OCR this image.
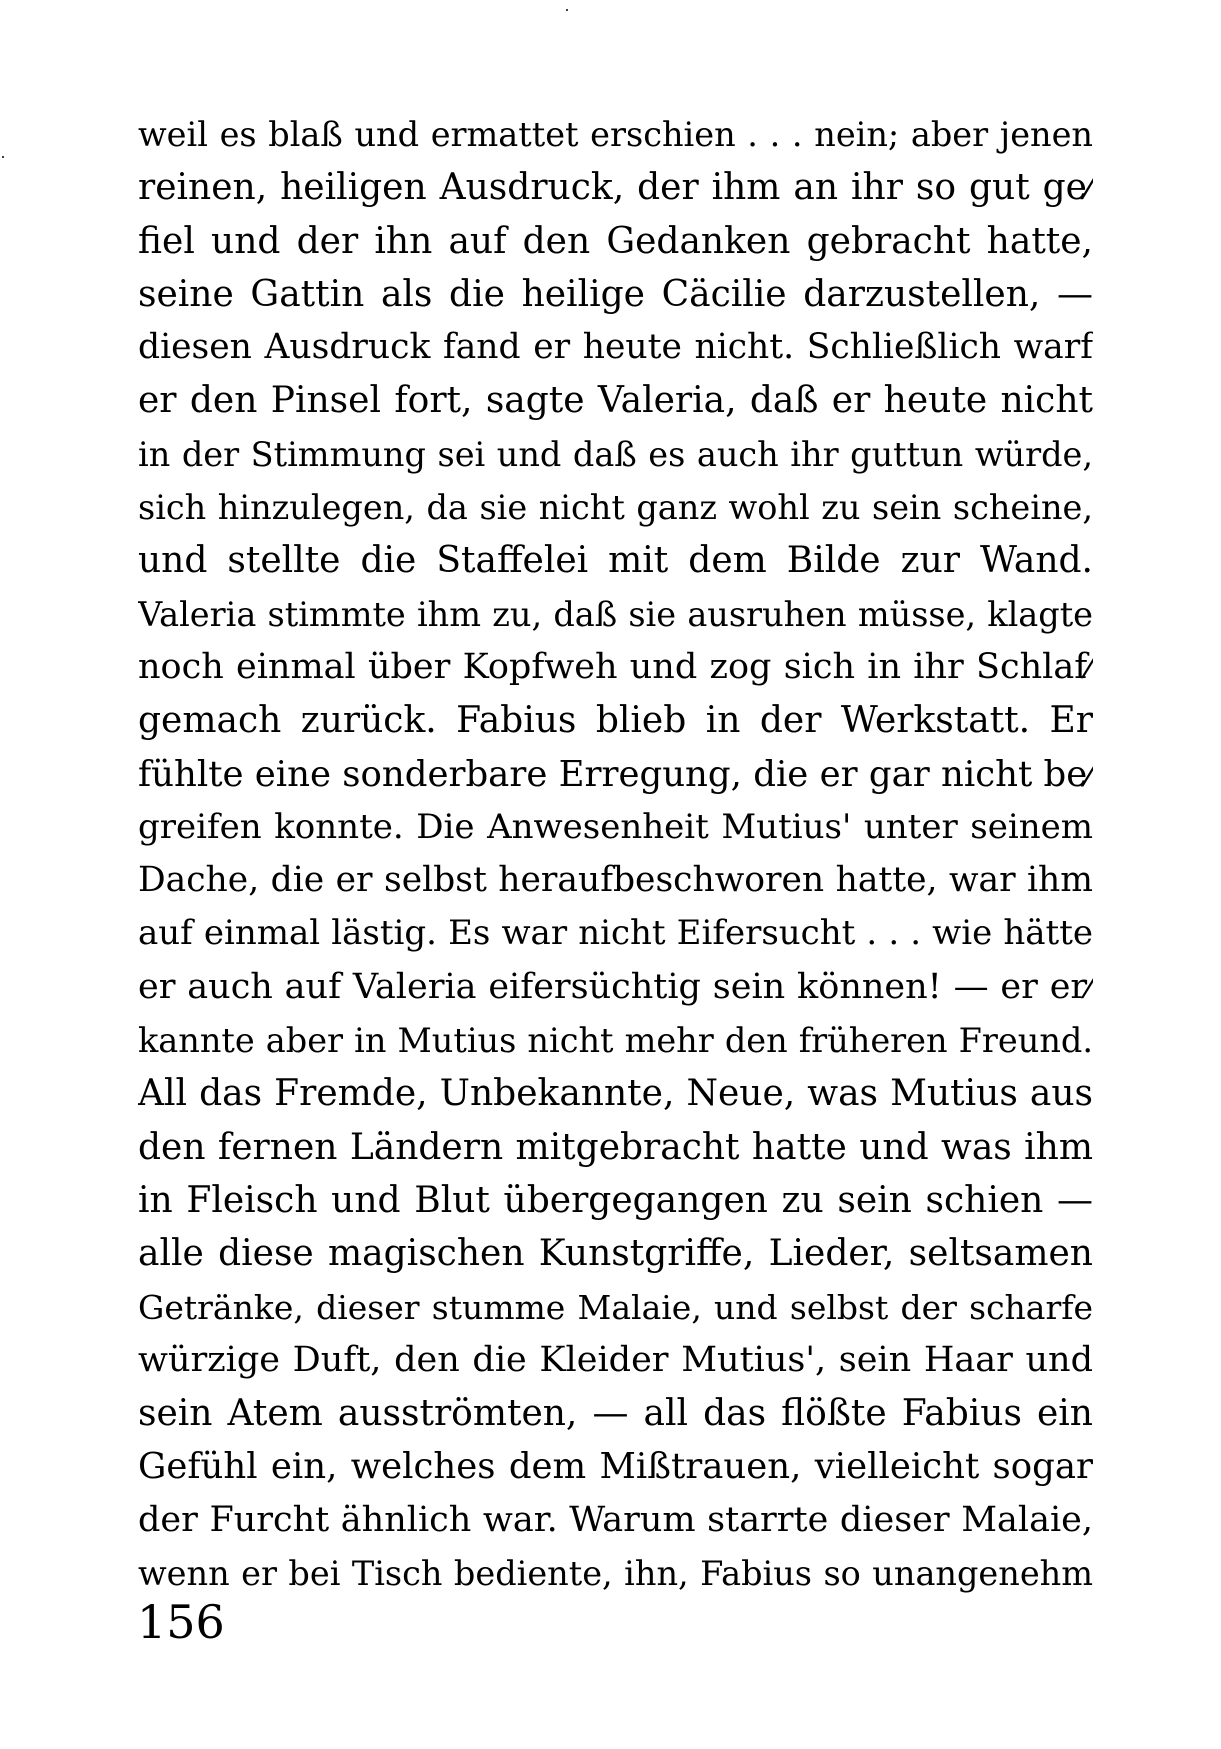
weil es blaß und ermattet erschien . . . nein; aber jenen
reinen, heiligen Ausdruck, der ihm an ihr so gut ge⁄
fiel und der ihn auf den Gedanken gebracht hatte,
seine Gattin als die heilige Cäcilie darzustellen, —
diesen Ausdruck fand er heute nicht. Schließlich warf
er den Pinsel fort, sagte Valeria, daß er heute nicht
in der Stimmung sei und daß es auch ihr guttun würde,
sich hinzulegen, da sie nicht ganz wohl zu sein scheine,
und stellte die Staffelei mit dem Bilde zur Wand.
Valeria stimmte ihm zu, daß sie ausruhen müsse, klagte
noch einmal über Kopfweh und zog sich in ihr Schlaf⁄
gemach zurück. Fabius blieb in der Werkstatt. Er
fühlte eine sonderbare Erregung, die er gar nicht be⁄
greifen konnte. Die Anwesenheit Mutius' unter seinem
Dache, die er selbst heraufbeschworen hatte, war ihm
auf einmal lästig. Es war nicht Eifersucht . . . wie hätte
er auch auf Valeria eifersüchtig sein können! — er er⁄
kannte aber in Mutius nicht mehr den früheren Freund.
All das Fremde, Unbekannte, Neue, was Mutius aus
den fernen Ländern mitgebracht hatte und was ihm
in Fleisch und Blut übergegangen zu sein schien —
alle diese magischen Kunstgriffe, Lieder, seltsamen
Getränke, dieser stumme Malaie, und selbst der scharfe
würzige Duft, den die Kleider Mutius', sein Haar und
sein Atem ausströmten, — all das flößte Fabius ein
Gefühl ein, welches dem Mißtrauen, vielleicht sogar
der Furcht ähnlich war. Warum starrte dieser Malaie,
wenn er bei Tisch bediente, ihn, Fabius so unangenehm
156
